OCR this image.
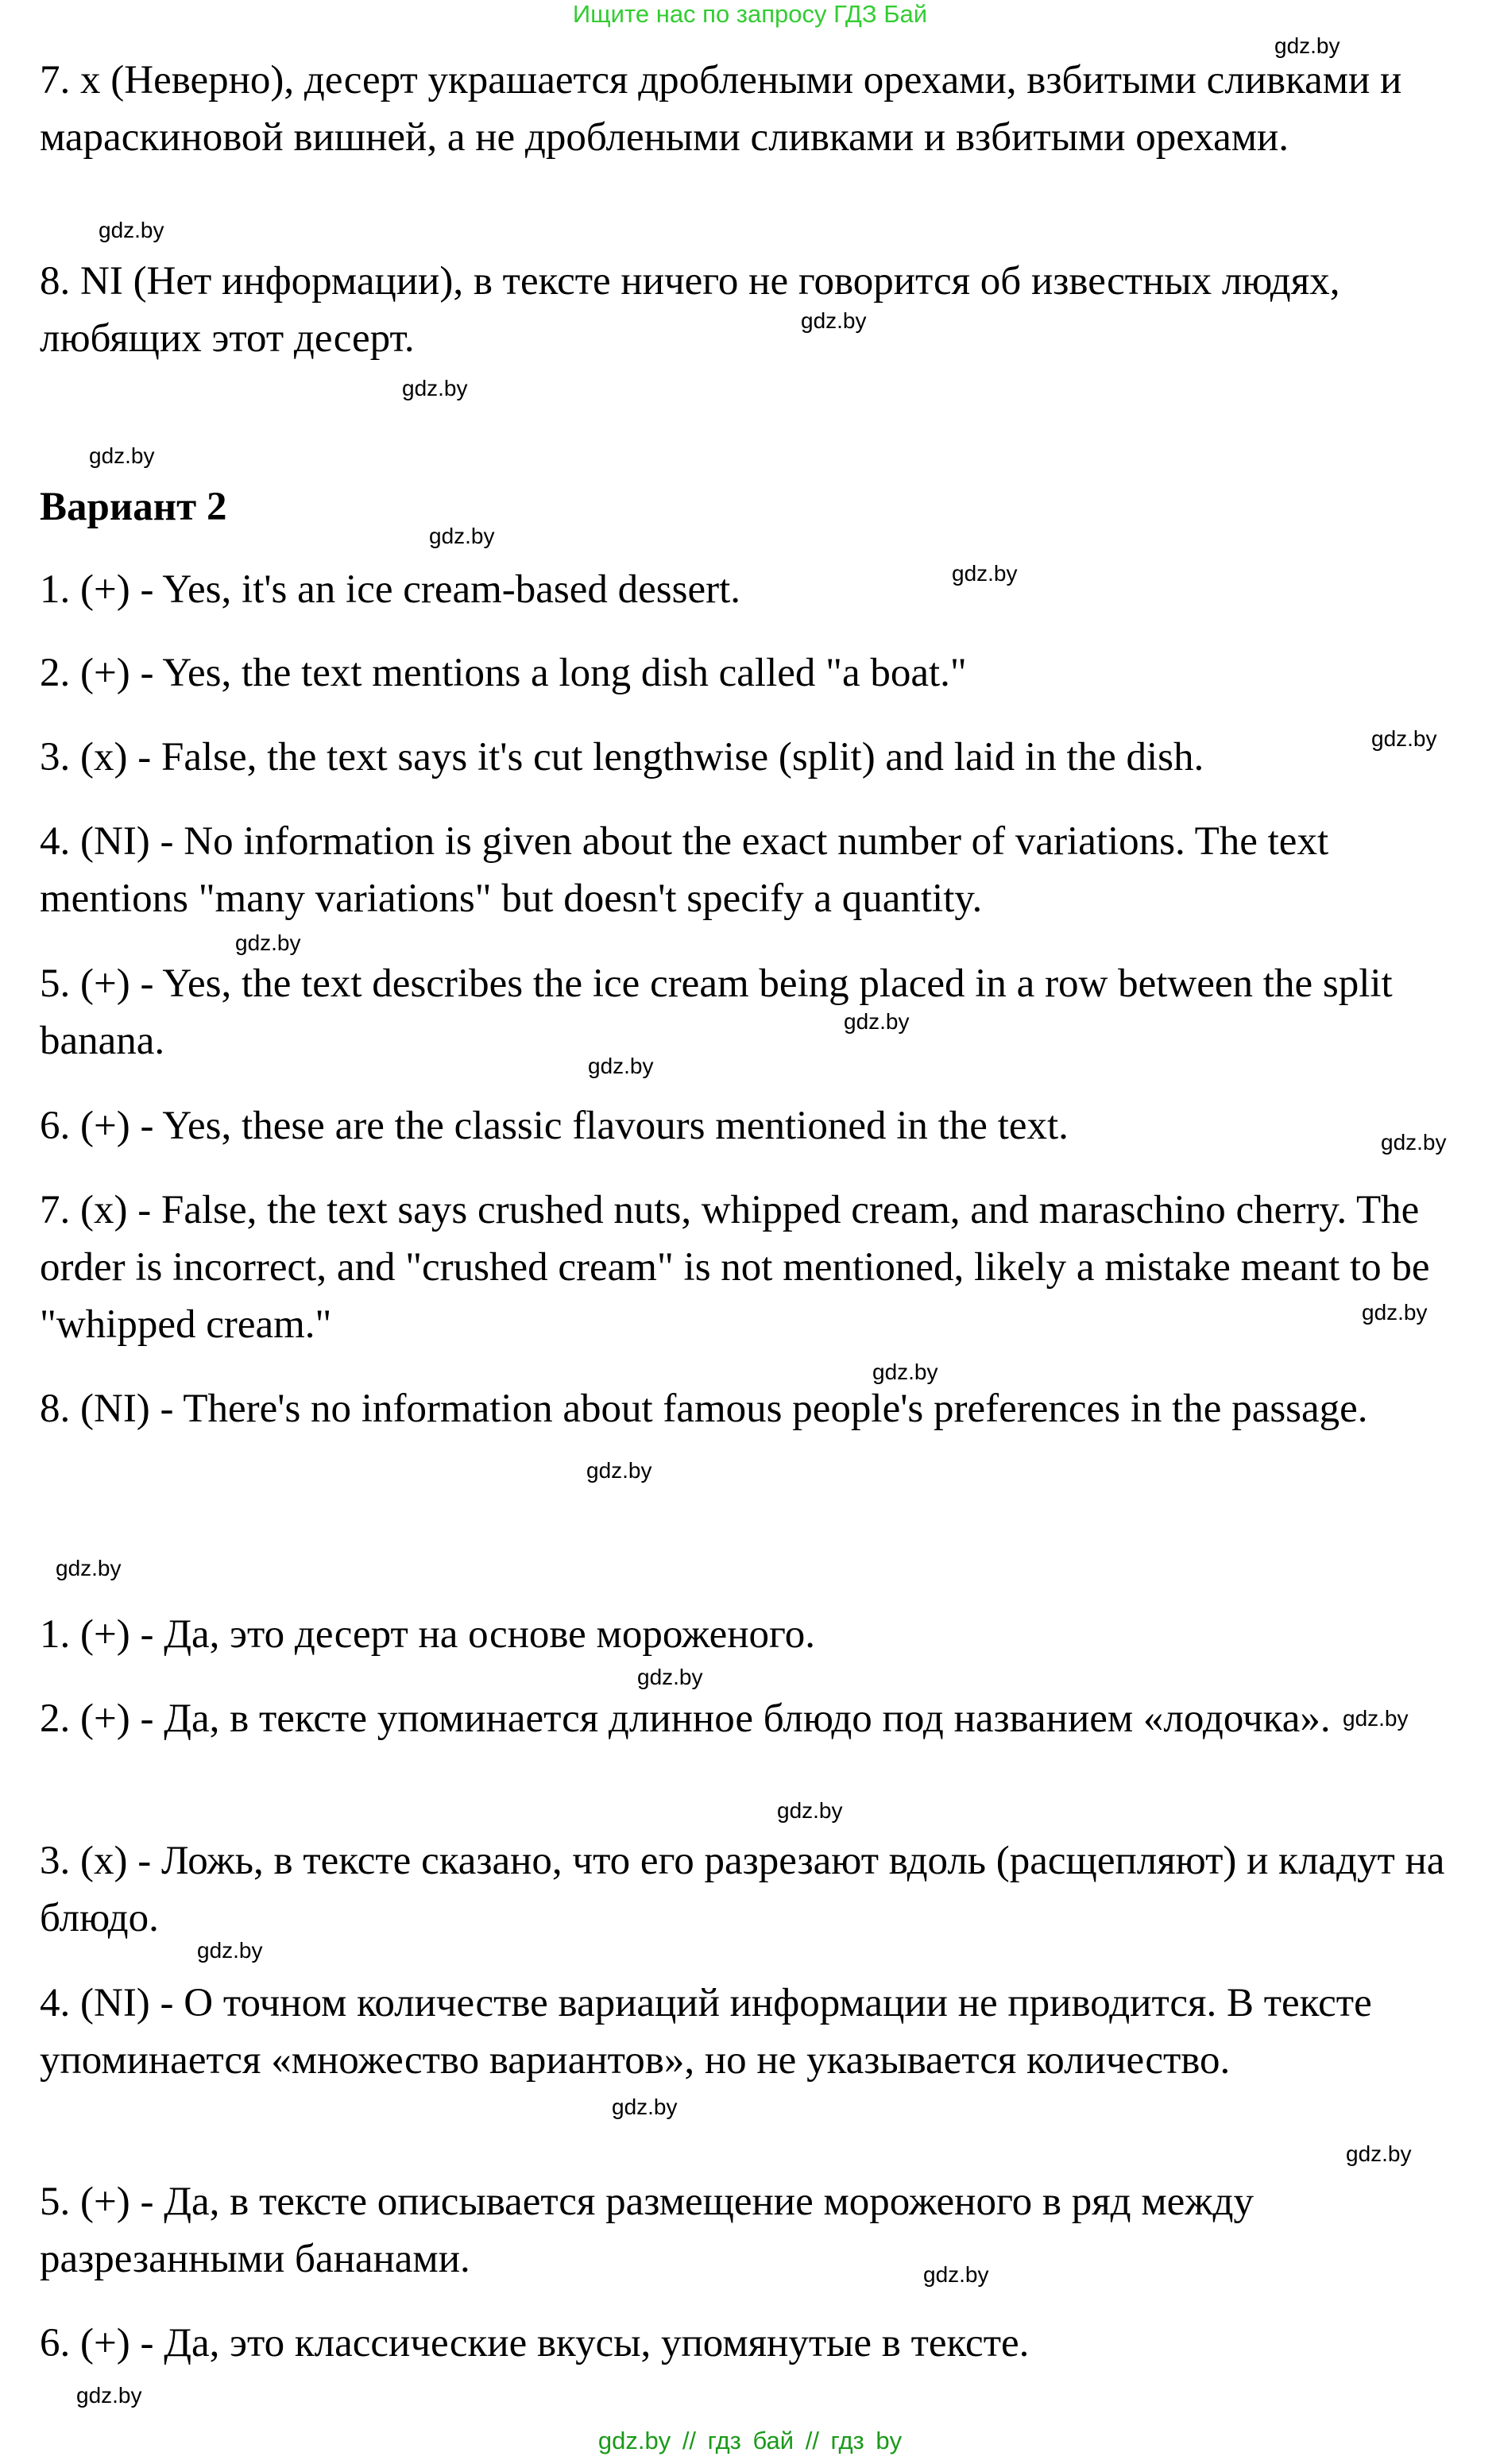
Ищите нас по запросу ГДЗ Бай

7. х (Неверно), десерт украшается дроблеными орехами, взбитыми сливками и мараскиновой вишней, а не дроблеными сливками и взбитыми орехами.

8. NI (Нет информации), в тексте ничего не говорится об известных людях, любящих этот десерт.

Вариант 2

1. (+) - Yes, it's an ice cream-based dessert.

2. (+) - Yes, the text mentions a long dish called "a boat."

3. (x) - False, the text says it's cut lengthwise (split) and laid in the dish.

4. (NI) - No information is given about the exact number of variations. The text mentions "many variations" but doesn't specify a quantity.

5. (+) - Yes, the text describes the ice cream being placed in a row between the split banana.

6. (+) - Yes, these are the classic flavours mentioned in the text.

7. (x) - False, the text says crushed nuts, whipped cream, and maraschino cherry. The order is incorrect, and "crushed cream" is not mentioned, likely a mistake meant to be "whipped cream."

8. (NI) - There's no information about famous people's preferences in the passage.

1. (+) - Да, это десерт на основе мороженого.

2. (+) - Да, в тексте упоминается длинное блюдо под названием «лодочка».

3. (x) - Ложь, в тексте сказано, что его разрезают вдоль (расщепляют) и кладут на блюдо.

4. (NI) - О точном количестве вариаций информации не приводится. В тексте упоминается «множество вариантов», но не указывается количество.

5. (+) - Да, в тексте описывается размещение мороженого в ряд между разрезанными бананами.

6. (+) - Да, это классические вкусы, упомянутые в тексте.

gdz.by
gdz.by
gdz.by
gdz.by
gdz.by
gdz.by
gdz.by
gdz.by
gdz.by
gdz.by
gdz.by
gdz.by
gdz.by
gdz.by
gdz.by
gdz.by
gdz.by
gdz.by
gdz.by
gdz.by
gdz.by
gdz.by
gdz.by
gdz.by
gdz.by // гдз бай // гдз by
